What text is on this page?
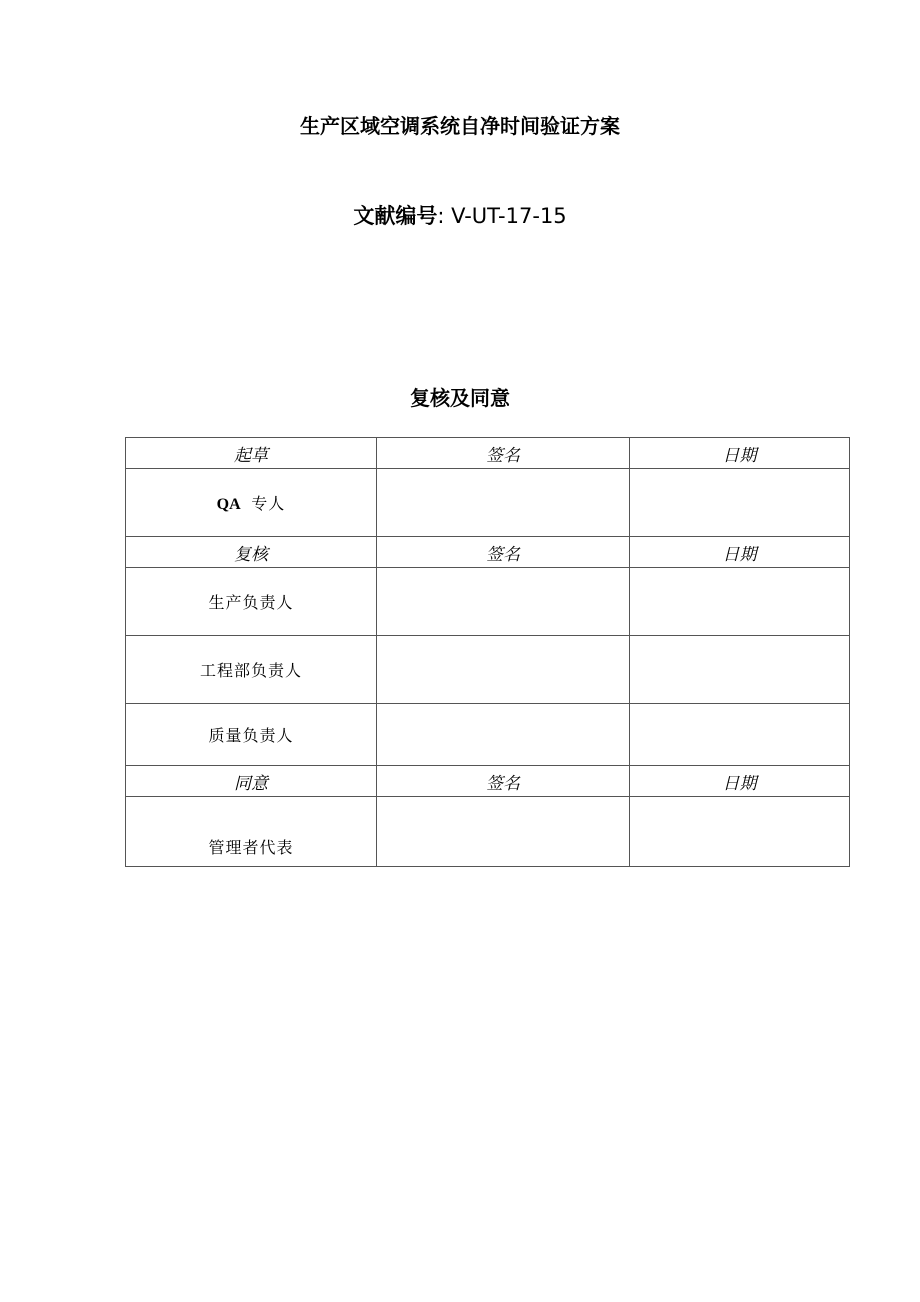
生产区域空调系统自净时间验证方案
文献编号: V-UT-17-15
复核及同意
起草	签名	日期
QA 专人		
复核	签名	日期
生产负责人		
工程部负责人		
质量负责人		
同意	签名	日期
管理者代表		
